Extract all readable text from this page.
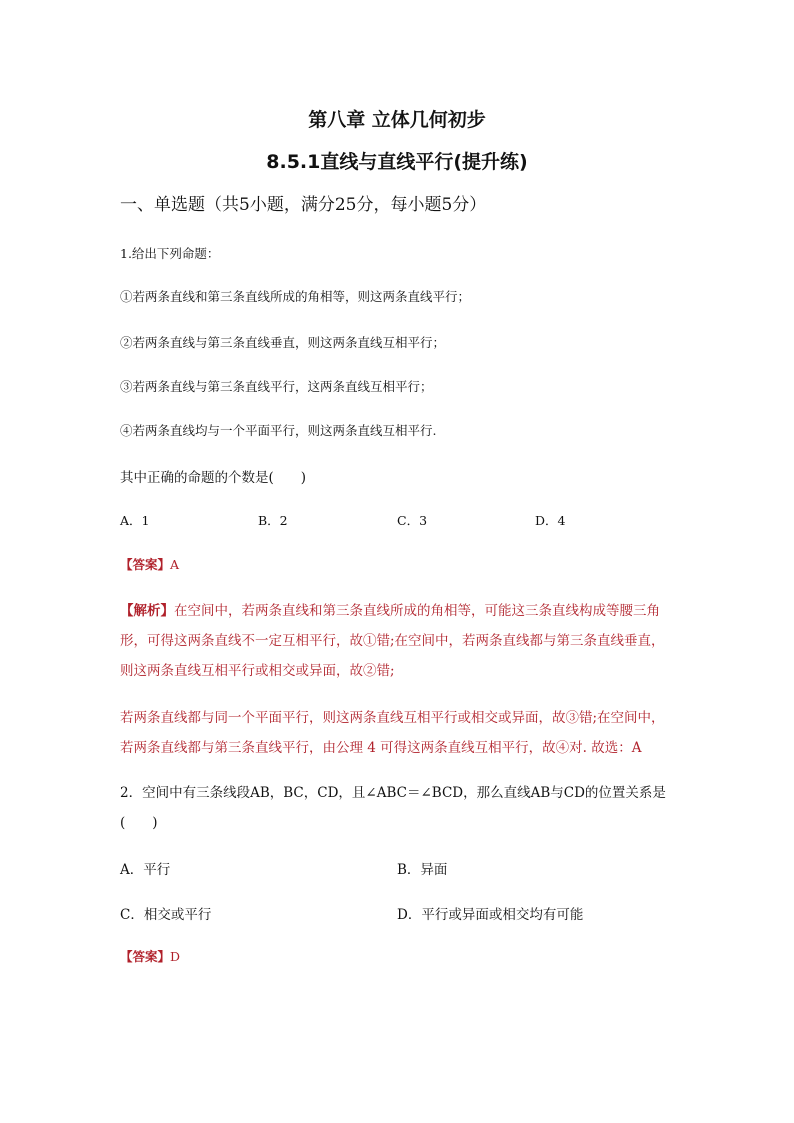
第八章 立体几何初步
8.5.1直线与直线平行(提升练)
一、单选题（共5小题，满分25分，每小题5分）
1.给出下列命题：
①若两条直线和第三条直线所成的角相等，则这两条直线平行；
②若两条直线与第三条直线垂直，则这两条直线互相平行；
③若两条直线与第三条直线平行，这两条直线互相平行；
④若两条直线均与一个平面平行，则这两条直线互相平行.
其中正确的命题的个数是(　　)
A．1	B．2	C．3	D．4
【答案】A
【解析】在空间中，若两条直线和第三条直线所成的角相等，可能这三条直线构成等腰三角
形，可得这两条直线不一定互相平行，故①错;在空间中，若两条直线都与第三条直线垂直，
则这两条直线互相平行或相交或异面，故②错;
若两条直线都与同一个平面平行，则这两条直线互相平行或相交或异面，故③错;在空间中，
若两条直线都与第三条直线平行，由公理 4 可得这两条直线互相平行，故④对. 故选：A
2．空间中有三条线段AB，BC，CD，且∠ABC＝∠BCD，那么直线AB与CD的位置关系是
(　　)
A．平行	B．异面
C．相交或平行	D．平行或异面或相交均有可能
【答案】D
